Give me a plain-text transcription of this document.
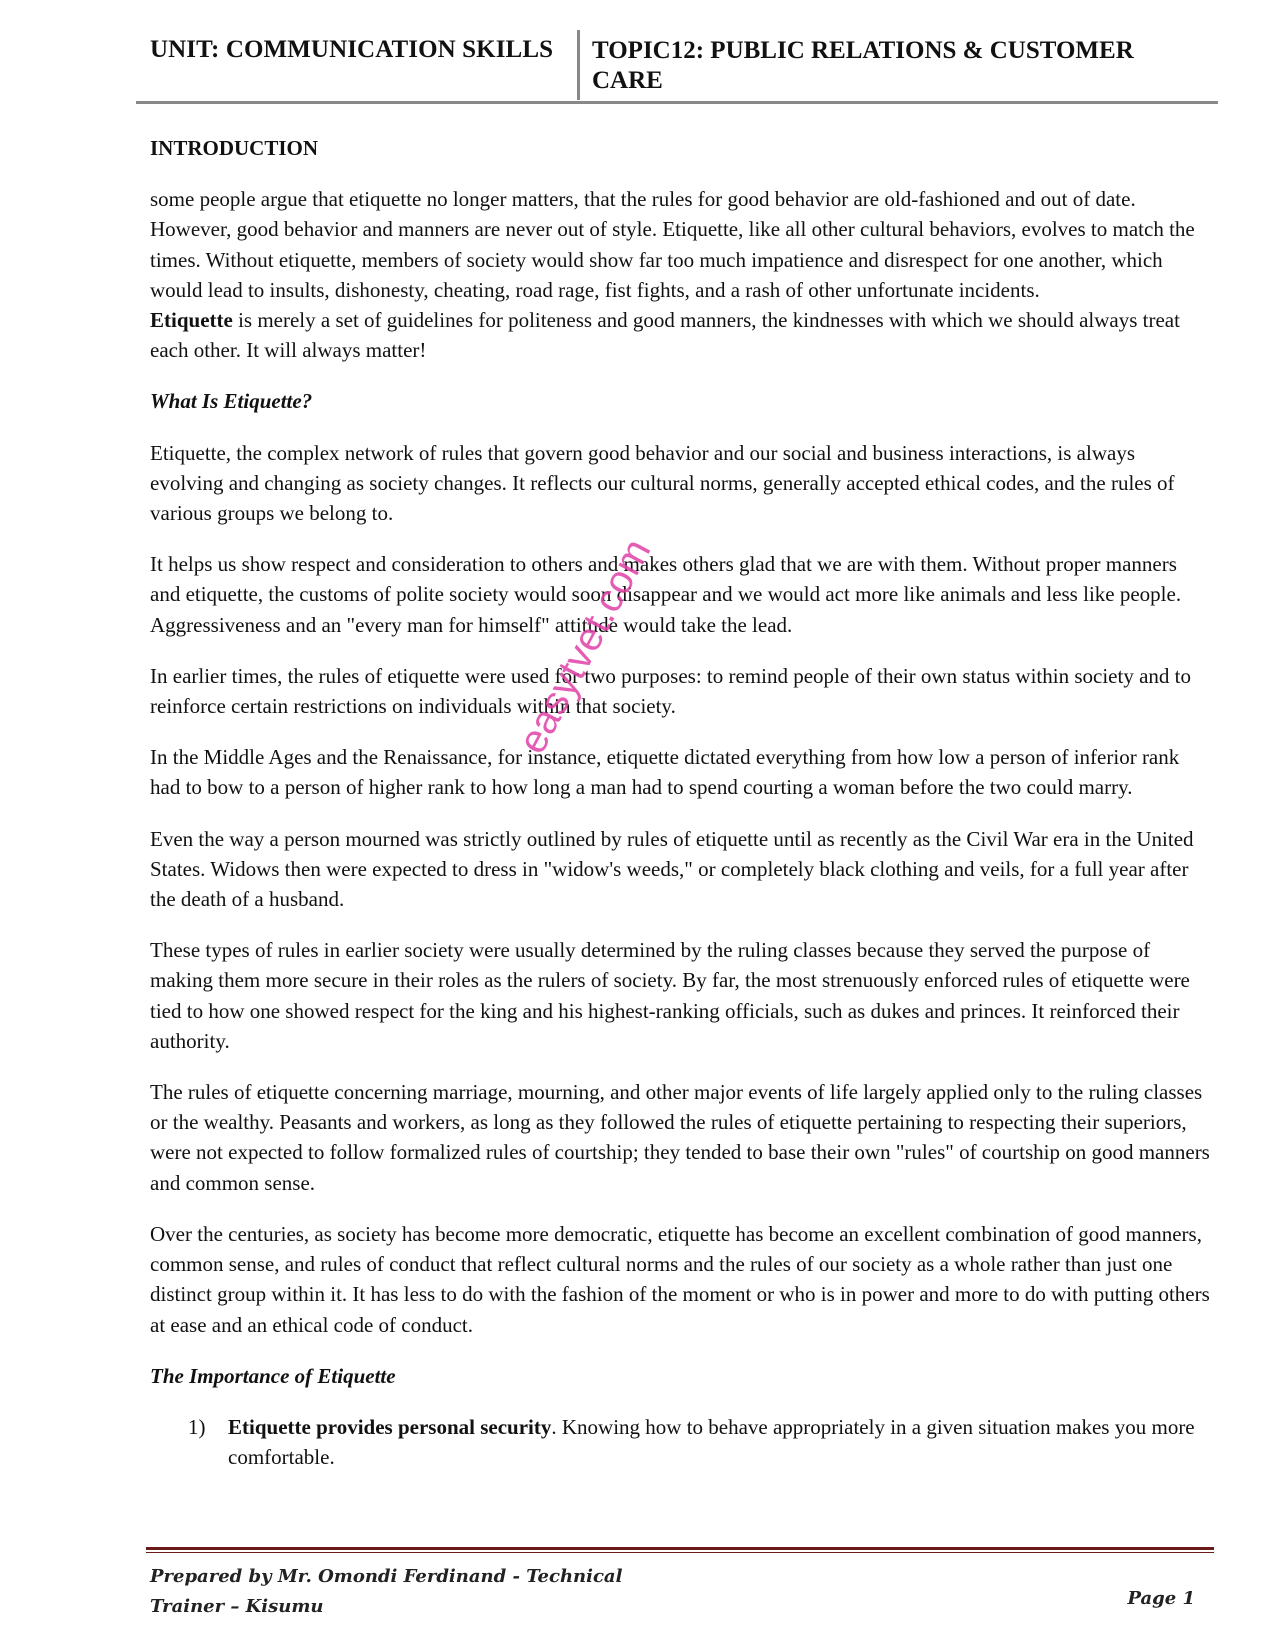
UNIT: COMMUNICATION SKILLS TOPIC12: PUBLIC RELATIONS & CUSTOMER CARE

INTRODUCTION

some people argue that etiquette no longer matters, that the rules for good behavior are old-fashioned and out of date. However, good behavior and manners are never out of style. Etiquette, like all other cultural behaviors, evolves to match the times. Without etiquette, members of society would show far too much impatience and disrespect for one another, which would lead to insults, dishonesty, cheating, road rage, fist fights, and a rash of other unfortunate incidents.

Etiquette is merely a set of guidelines for politeness and good manners, the kindnesses with which we should always treat each other. It will always matter!

What Is Etiquette?

Etiquette, the complex network of rules that govern good behavior and our social and business interactions, is always evolving and changing as society changes. It reflects our cultural norms, generally accepted ethical codes, and the rules of various groups we belong to.

It helps us show respect and consideration to others and makes others glad that we are with them. Without proper manners and etiquette, the customs of polite society would soon disappear and we would act more like animals and less like people. Aggressiveness and an "every man for himself" attitude would take the lead.

In earlier times, the rules of etiquette were used for two purposes: to remind people of their own status within society and to reinforce certain restrictions on individuals within that society.

In the Middle Ages and the Renaissance, for instance, etiquette dictated everything from how low a person of inferior rank had to bow to a person of higher rank to how long a man had to spend courting a woman before the two could marry.

Even the way a person mourned was strictly outlined by rules of etiquette until as recently as the Civil War era in the United States. Widows then were expected to dress in "widow's weeds," or completely black clothing and veils, for a full year after the death of a husband.

These types of rules in earlier society were usually determined by the ruling classes because they served the purpose of making them more secure in their roles as the rulers of society. By far, the most strenuously enforced rules of etiquette were tied to how one showed respect for the king and his highest-ranking officials, such as dukes and princes. It reinforced their authority.

The rules of etiquette concerning marriage, mourning, and other major events of life largely applied only to the ruling classes or the wealthy. Peasants and workers, as long as they followed the rules of etiquette pertaining to respecting their superiors, were not expected to follow formalized rules of courtship; they tended to base their own "rules" of courtship on good manners and common sense.

Over the centuries, as society has become more democratic, etiquette has become an excellent combination of good manners, common sense, and rules of conduct that reflect cultural norms and the rules of our society as a whole rather than just one distinct group within it. It has less to do with the fashion of the moment or who is in power and more to do with putting others at ease and an ethical code of conduct.

The Importance of Etiquette

1)	Etiquette provides personal security. Knowing how to behave appropriately in a given situation makes you more comfortable.
easytvet.com
Prepared by Mr. Omondi Ferdinand - Technical Trainer – Kisumu	Page 1
